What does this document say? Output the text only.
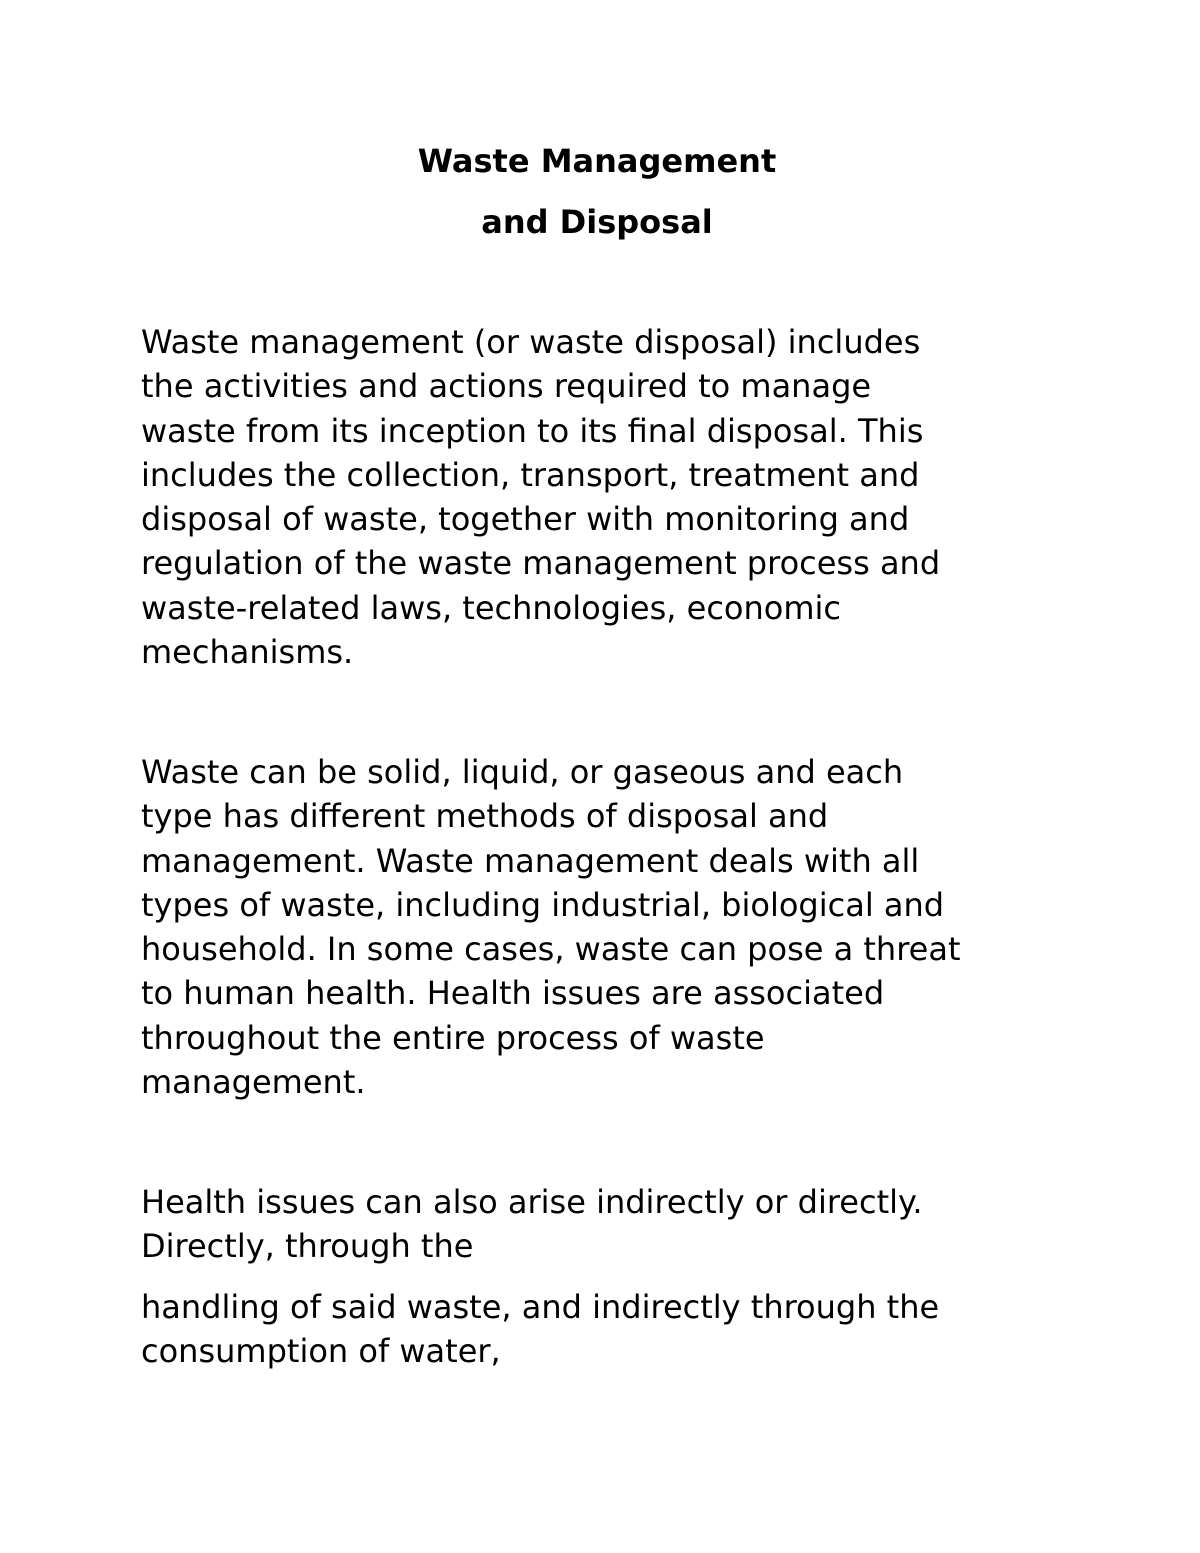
Waste Management
and Disposal

Waste management (or waste disposal) includes
the activities and actions required to manage
waste from its inception to its final disposal. This
includes the collection, transport, treatment and
disposal of waste, together with monitoring and
regulation of the waste management process and
waste-related laws, technologies, economic
mechanisms.

Waste can be solid, liquid, or gaseous and each
type has different methods of disposal and
management. Waste management deals with all
types of waste, including industrial, biological and
household. In some cases, waste can pose a threat
to human health. Health issues are associated
throughout the entire process of waste
management.

Health issues can also arise indirectly or directly.
Directly, through the

handling of said waste, and indirectly through the
consumption of water,
